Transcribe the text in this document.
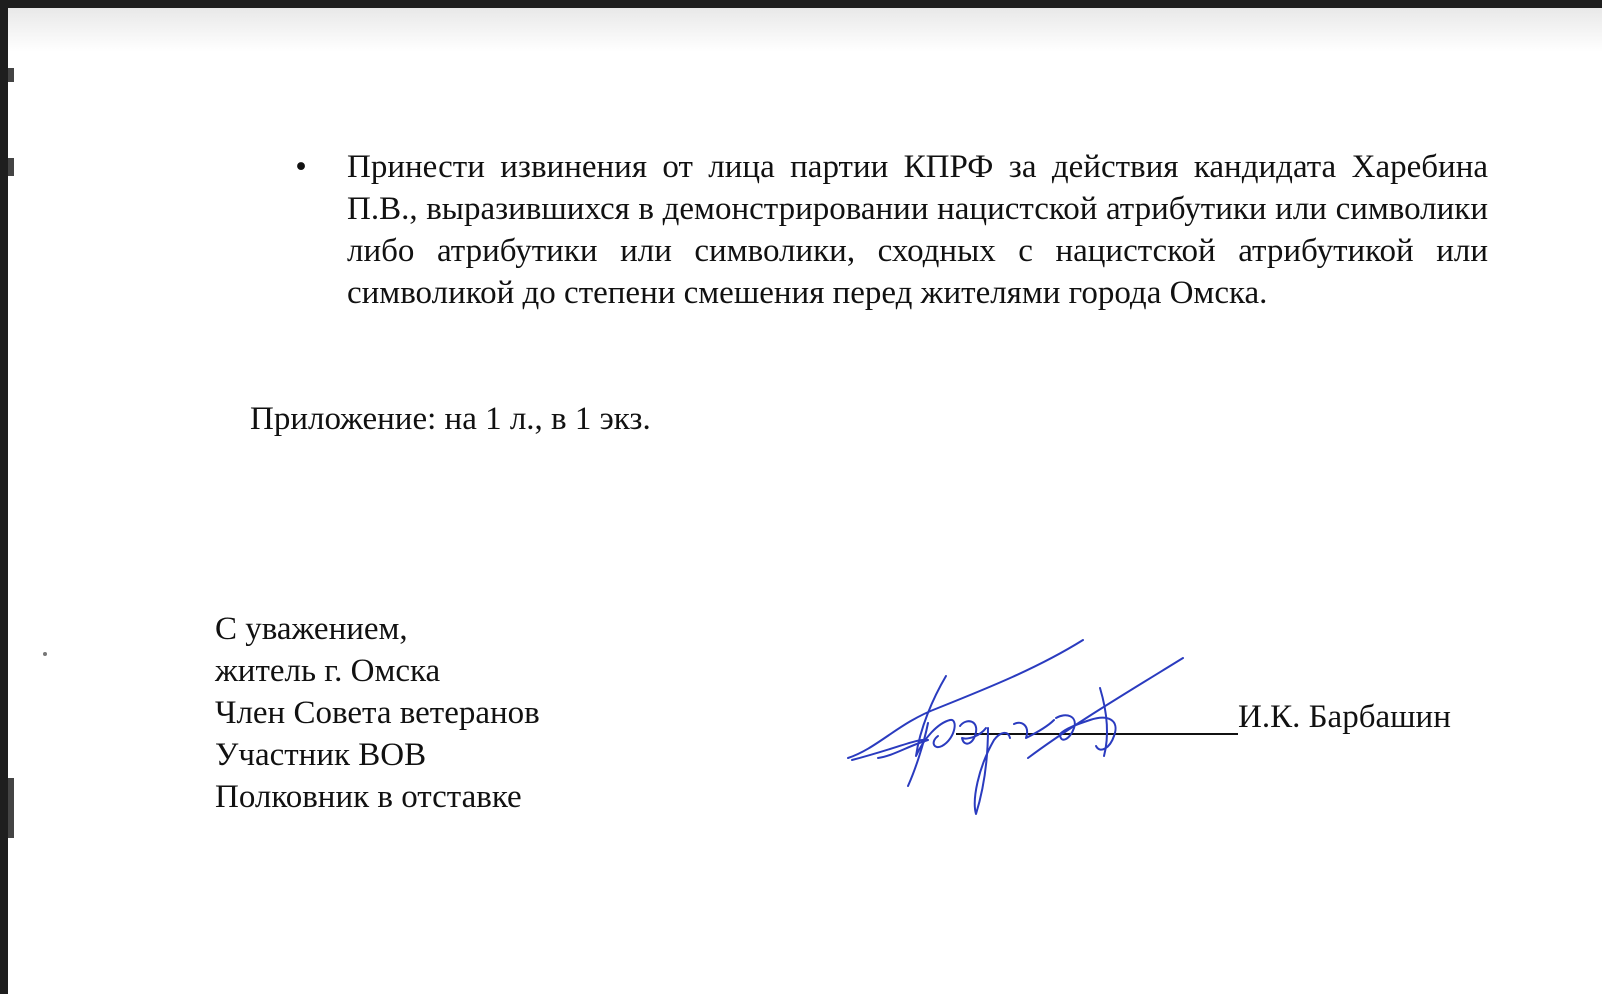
• Принести извинения от лица партии КПРФ за действия кандидата Харебина П.В., выразившихся в демонстрировании нацистской атрибутики или символики либо атрибутики или символики, сходных с нацистской атрибутикой или символикой до степени смешения перед жителями города Омска.
Приложение: на 1 л., в 1 экз.
С уважением,
житель г. Омска
Член Совета ветеранов
Участник ВОВ
Полковник в отставке
И.К. Барбашин
